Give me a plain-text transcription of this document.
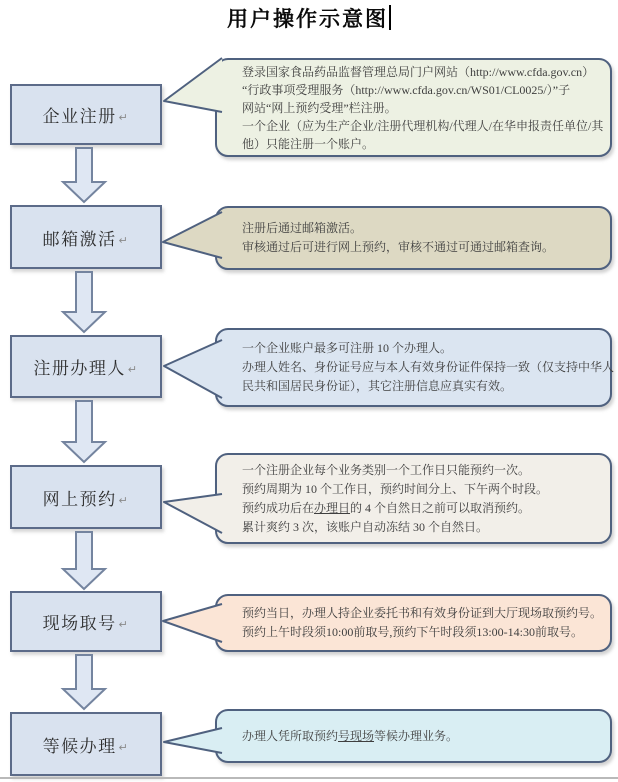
用户操作示意图
企业注册 ↵
邮箱激活 ↵
注册办理人 ↵
网上预约 ↵
现场取号 ↵
等候办理 ↵
登录国家食品药品监督管理总局门户网站（http://www.cfda.gov.cn）
“行政事项受理服务（http://www.cfda.gov.cn/WS01/CL0025/）”子
网站“网上预约受理”栏注册。
一个企业（应为生产企业/注册代理机构/代理人/在华申报责任单位/其
他）只能注册一个账户。
注册后通过邮箱激活。
审核通过后可进行网上预约，审核不通过可通过邮箱查询。
一个企业账户最多可注册 10 个办理人。
办理人姓名、身份证号应与本人有效身份证件保持一致（仅支持中华人
民共和国居民身份证），其它注册信息应真实有效。
一个注册企业每个业务类别一个工作日只能预约一次。
预约周期为 10 个工作日，预约时间分上、下午两个时段。
预约成功后在办理日的 4 个自然日之前可以取消预约。
累计爽约 3 次，该账户自动冻结 30 个自然日。
预约当日，办理人持企业委托书和有效身份证到大厅现场取预约号。
预约上午时段须10:00前取号,预约下午时段须13:00-14:30前取号。
办理人凭所取预约号现场等候办理业务。
